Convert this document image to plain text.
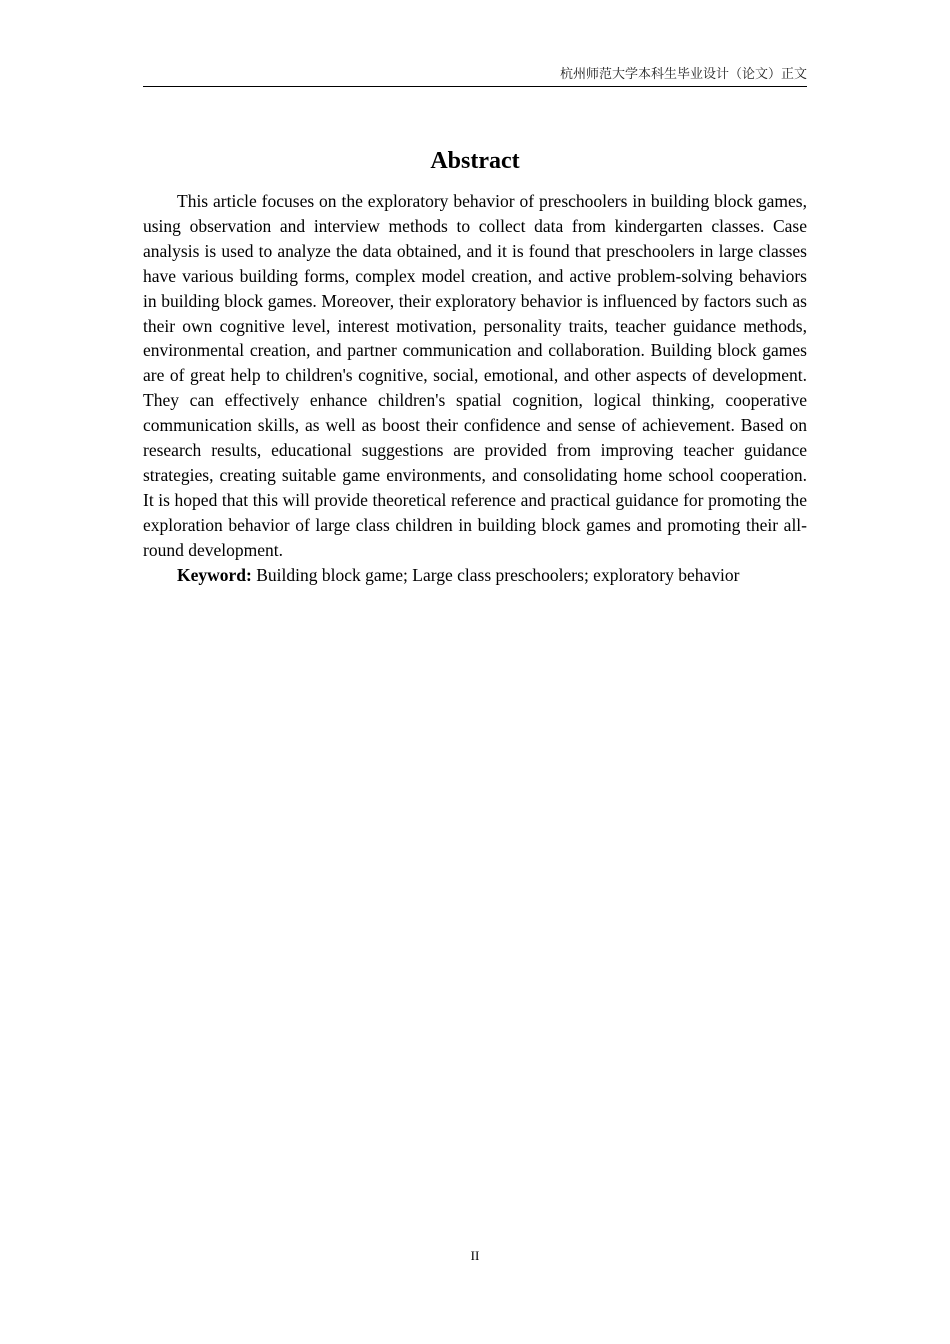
杭州师范大学本科生毕业设计（论文）正文
Abstract

This article focuses on the exploratory behavior of preschoolers in building block games, using observation and interview methods to collect data from kindergarten classes. Case analysis is used to analyze the data obtained, and it is found that preschoolers in large classes have various building forms, complex model creation, and active problem-solving behaviors in building block games. Moreover, their exploratory behavior is influenced by factors such as their own cognitive level, interest motivation, personality traits, teacher guidance methods, environmental creation, and partner communication and collaboration. Building block games are of great help to children's cognitive, social, emotional, and other aspects of development. They can effectively enhance children's spatial cognition, logical thinking, cooperative communication skills, as well as boost their confidence and sense of achievement. Based on research results, educational suggestions are provided from improving teacher guidance strategies, creating suitable game environments, and consolidating home school cooperation. It is hoped that this will provide theoretical reference and practical guidance for promoting the exploration behavior of large class children in building block games and promoting their all-round development.

Keyword: Building block game; Large class preschoolers; exploratory behavior

II
